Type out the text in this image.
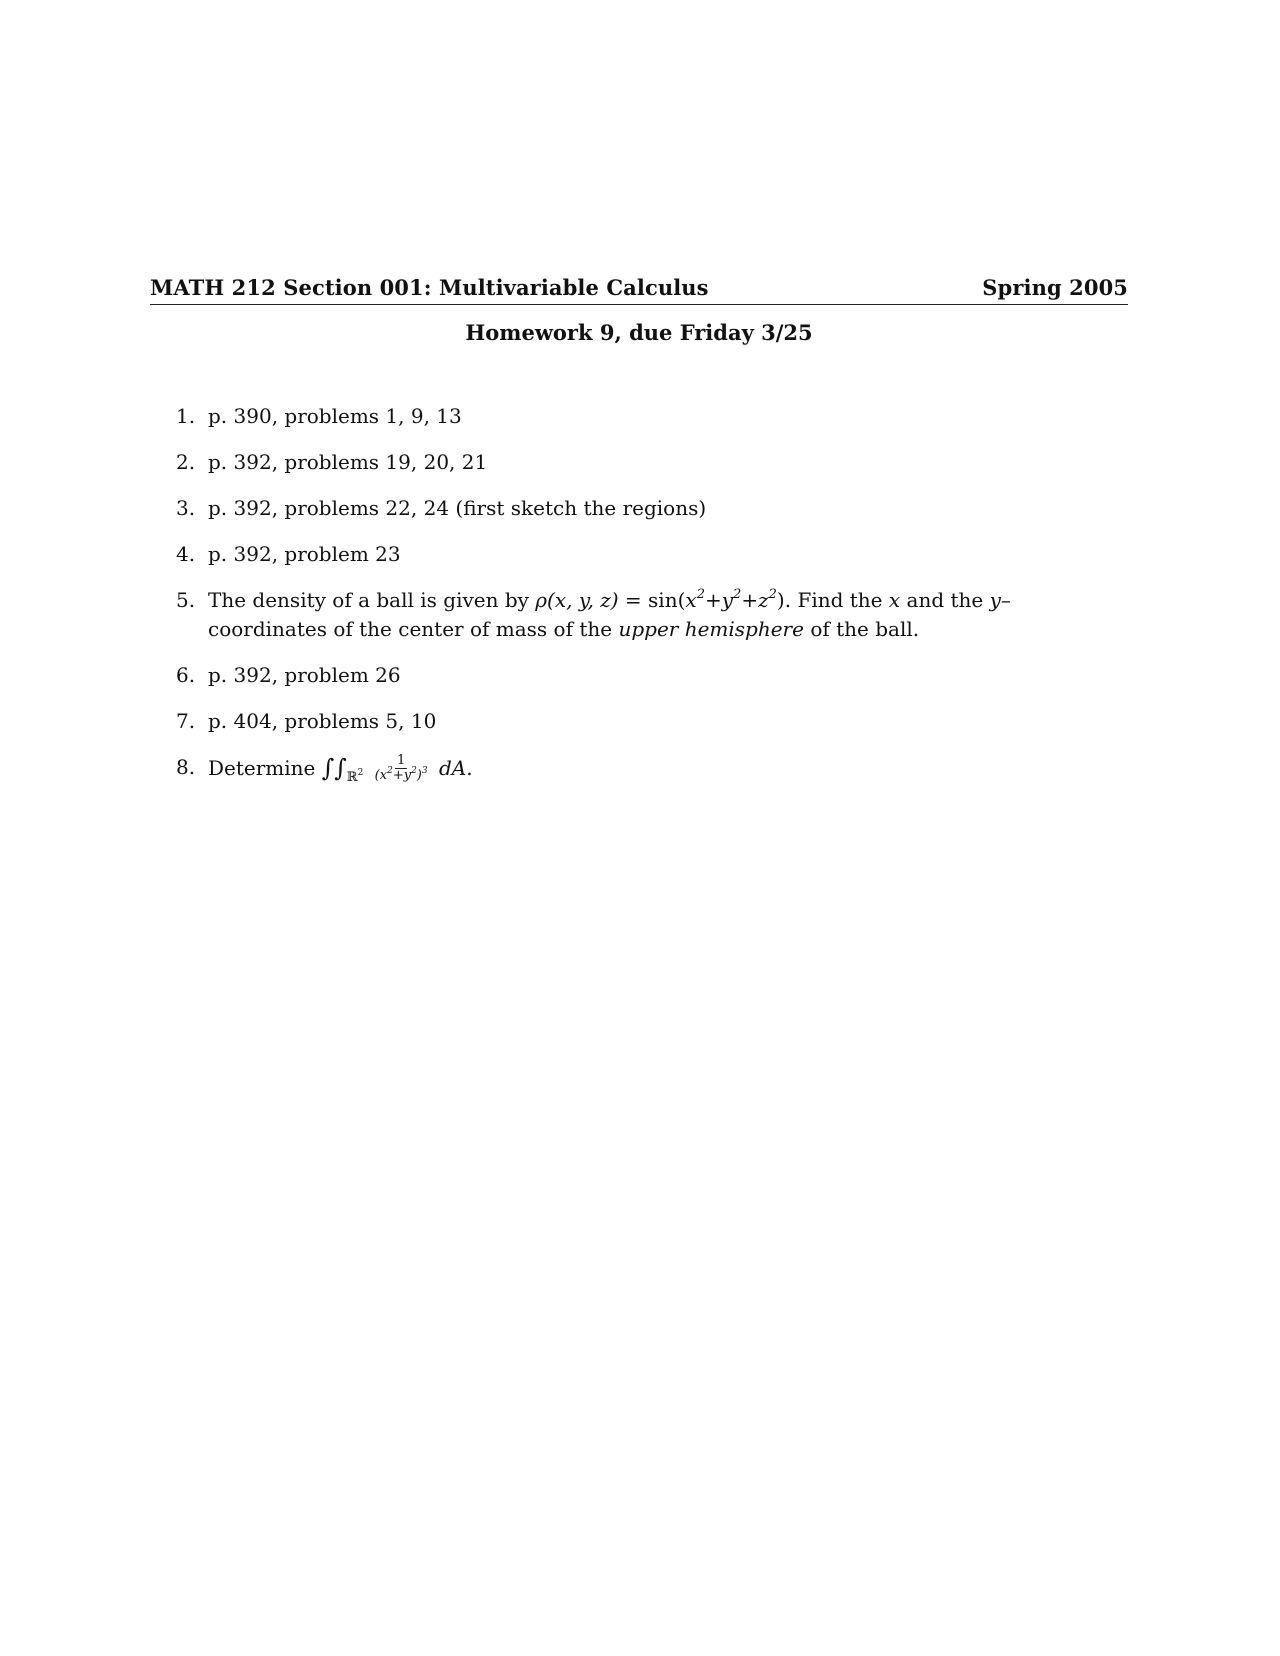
MATH 212 Section 001: Multivariable Calculus	Spring 2005
Homework 9, due Friday 3/25
1. p. 390, problems 1, 9, 13
2. p. 392, problems 19, 20, 21
3. p. 392, problems 22, 24 (first sketch the regions)
4. p. 392, problem 23
5. The density of a ball is given by ρ(x, y, $z) = \sin(x^2+y^2+z^2)$. Find the x and the y–coordinates of the center of mass of the upper hemisphere of the ball.
6. p. 392, problem 26
7. p. 404, problems 5, 10
8. Determine $\int\int_{ℝ^2} \frac{1}{(x^2+y^2)^3}$ dA.
